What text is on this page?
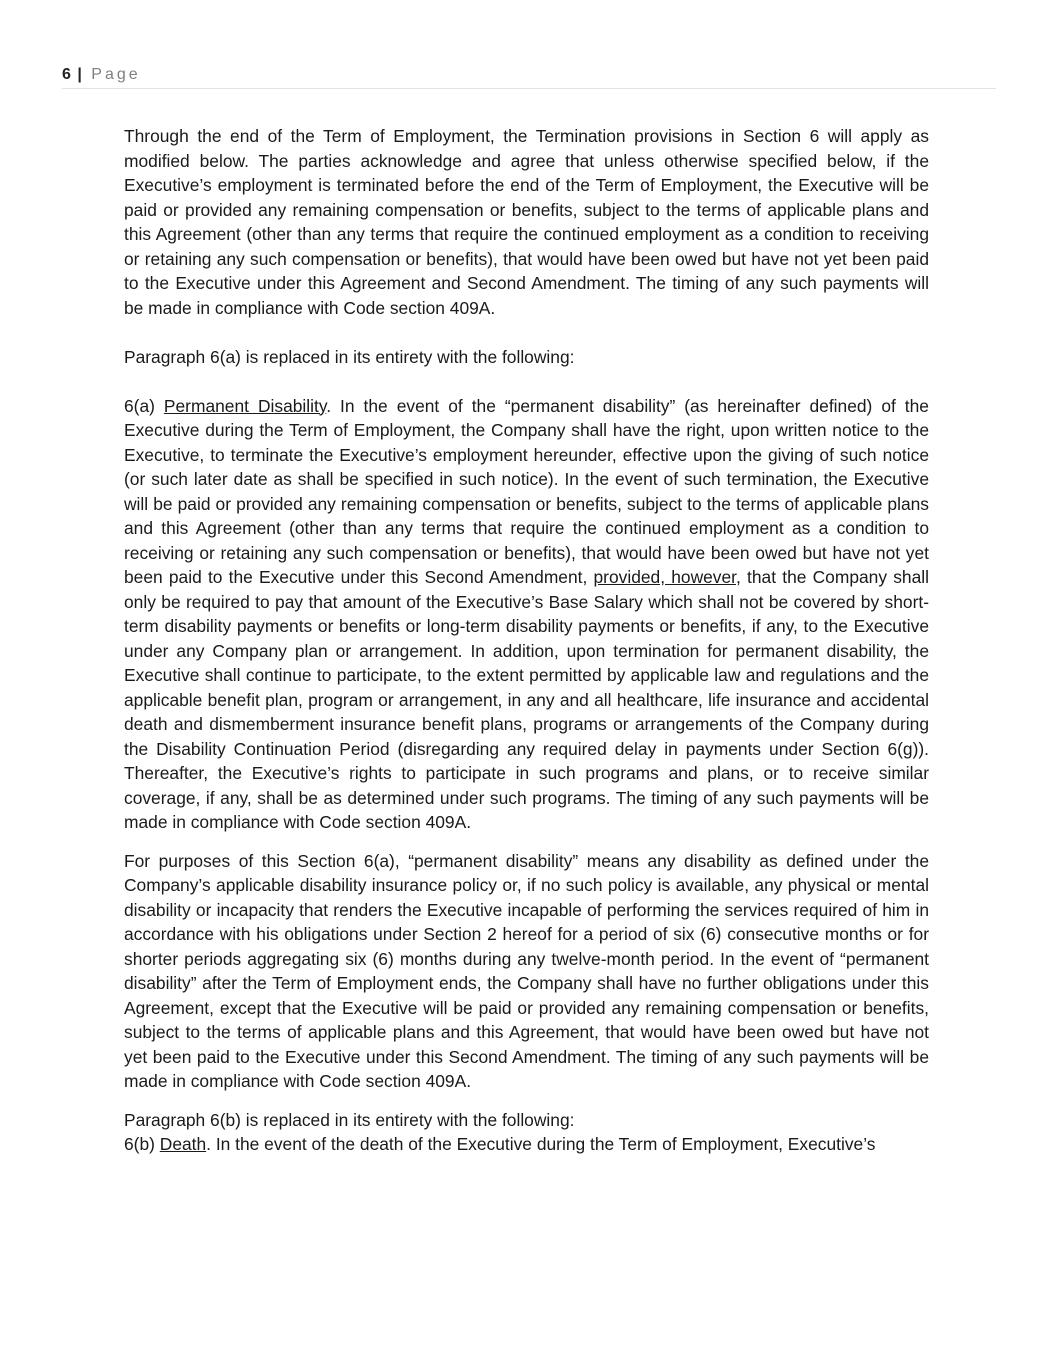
6 | Page

Through the end of the Term of Employment, the Termination provisions in Section 6 will apply as modified below. The parties acknowledge and agree that unless otherwise specified below, if the Executive’s employment is terminated before the end of the Term of Employment, the Executive will be paid or provided any remaining compensation or benefits, subject to the terms of applicable plans and this Agreement (other than any terms that require the continued employment as a condition to receiving or retaining any such compensation or benefits), that would have been owed but have not yet been paid to the Executive under this Agreement and Second Amendment. The timing of any such payments will be made in compliance with Code section 409A.

Paragraph 6(a) is replaced in its entirety with the following:

6(a) Permanent Disability. In the event of the “permanent disability” (as hereinafter defined) of the Executive during the Term of Employment, the Company shall have the right, upon written notice to the Executive, to terminate the Executive’s employment hereunder, effective upon the giving of such notice (or such later date as shall be specified in such notice). In the event of such termination, the Executive will be paid or provided any remaining compensation or benefits, subject to the terms of applicable plans and this Agreement (other than any terms that require the continued employment as a condition to receiving or retaining any such compensation or benefits), that would have been owed but have not yet been paid to the Executive under this Second Amendment, provided, however, that the Company shall only be required to pay that amount of the Executive’s Base Salary which shall not be covered by short-term disability payments or benefits or long-term disability payments or benefits, if any, to the Executive under any Company plan or arrangement. In addition, upon termination for permanent disability, the Executive shall continue to participate, to the extent permitted by applicable law and regulations and the applicable benefit plan, program or arrangement, in any and all healthcare, life insurance and accidental death and dismemberment insurance benefit plans, programs or arrangements of the Company during the Disability Continuation Period (disregarding any required delay in payments under Section 6(g)). Thereafter, the Executive’s rights to participate in such programs and plans, or to receive similar coverage, if any, shall be as determined under such programs. The timing of any such payments will be made in compliance with Code section 409A.

For purposes of this Section 6(a), “permanent disability” means any disability as defined under the Company’s applicable disability insurance policy or, if no such policy is available, any physical or mental disability or incapacity that renders the Executive incapable of performing the services required of him in accordance with his obligations under Section 2 hereof for a period of six (6) consecutive months or for shorter periods aggregating six (6) months during any twelve-month period. In the event of “permanent disability” after the Term of Employment ends, the Company shall have no further obligations under this Agreement, except that the Executive will be paid or provided any remaining compensation or benefits, subject to the terms of applicable plans and this Agreement, that would have been owed but have not yet been paid to the Executive under this Second Amendment. The timing of any such payments will be made in compliance with Code section 409A.

Paragraph 6(b) is replaced in its entirety with the following:

6(b) Death. In the event of the death of the Executive during the Term of Employment, Executive’s
